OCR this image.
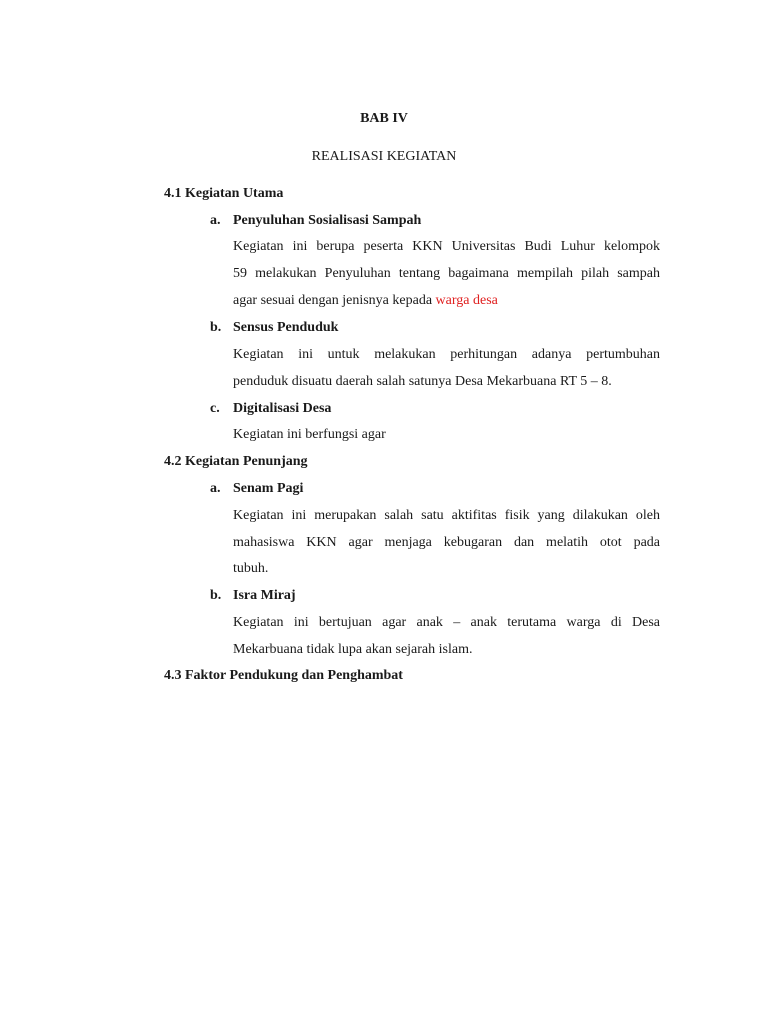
BAB IV
REALISASI KEGIATAN
4.1 Kegiatan Utama
a. Penyuluhan Sosialisasi Sampah
Kegiatan ini berupa peserta KKN Universitas Budi Luhur kelompok
59 melakukan Penyuluhan tentang bagaimana mempilah pilah sampah
agar sesuai dengan jenisnya kepada warga desa
b. Sensus Penduduk
Kegiatan ini untuk melakukan perhitungan adanya pertumbuhan
penduduk disuatu daerah salah satunya Desa Mekarbuana RT 5 – 8.
c. Digitalisasi Desa
Kegiatan ini berfungsi agar
4.2 Kegiatan Penunjang
a. Senam Pagi
Kegiatan ini merupakan salah satu aktifitas fisik yang dilakukan oleh
mahasiswa KKN agar menjaga kebugaran dan melatih otot pada
tubuh.
b. Isra Miraj
Kegiatan ini bertujuan agar anak – anak terutama warga di Desa
Mekarbuana tidak lupa akan sejarah islam.
4.3 Faktor Pendukung dan Penghambat
